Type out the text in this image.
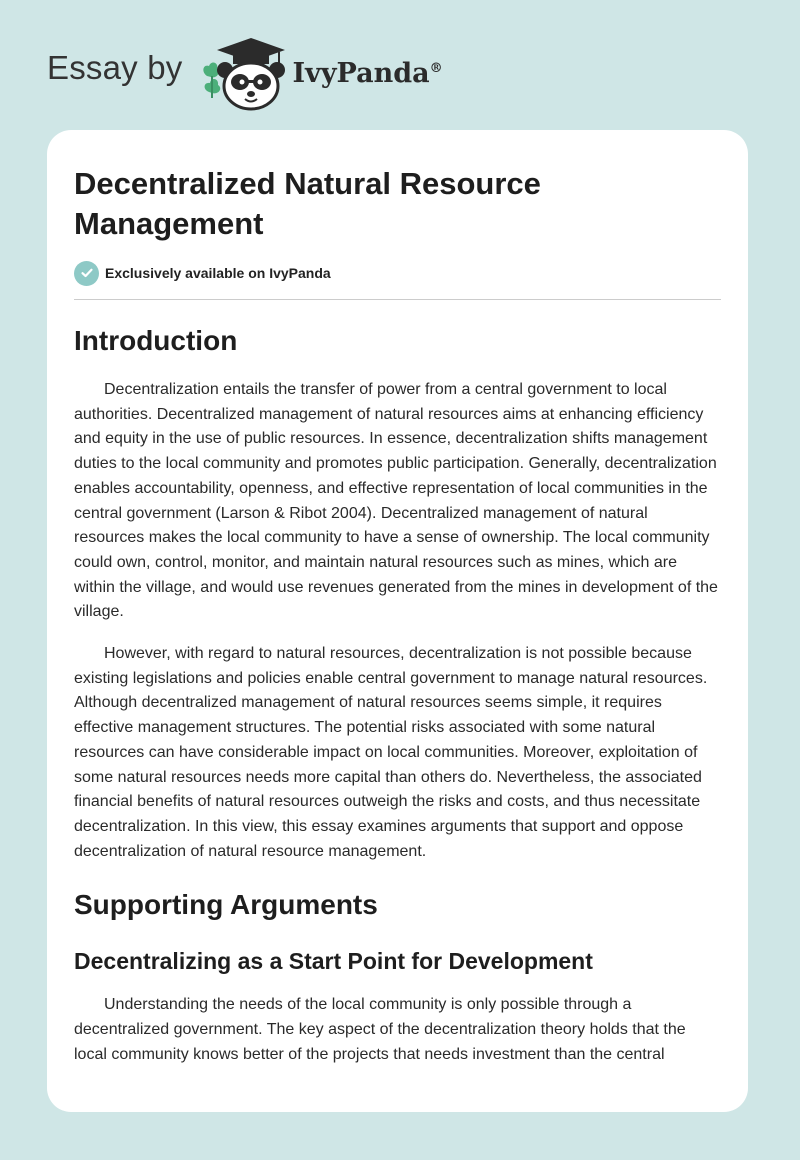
Essay by	IvyPanda®
Decentralized Natural Resource Management
Exclusively available on IvyPanda
Introduction

Decentralization entails the transfer of power from a central government to local authorities. Decentralized management of natural resources aims at enhancing efficiency and equity in the use of public resources. In essence, decentralization shifts management duties to the local community and promotes public participation. Generally, decentralization enables accountability, openness, and effective representation of local communities in the central government (Larson & Ribot 2004). Decentralized management of natural resources makes the local community to have a sense of ownership. The local community could own, control, monitor, and maintain natural resources such as mines, which are within the village, and would use revenues generated from the mines in development of the village.

However, with regard to natural resources, decentralization is not possible because existing legislations and policies enable central government to manage natural resources. Although decentralized management of natural resources seems simple, it requires effective management structures. The potential risks associated with some natural resources can have considerable impact on local communities. Moreover, exploitation of some natural resources needs more capital than others do. Nevertheless, the associated financial benefits of natural resources outweigh the risks and costs, and thus necessitate decentralization. In this view, this essay examines arguments that support and oppose decentralization of natural resource management.

Supporting Arguments
Decentralizing as a Start Point for Development

Understanding the needs of the local community is only possible through a decentralized government. The key aspect of the decentralization theory holds that the local community knows better of the projects that needs investment than the central
